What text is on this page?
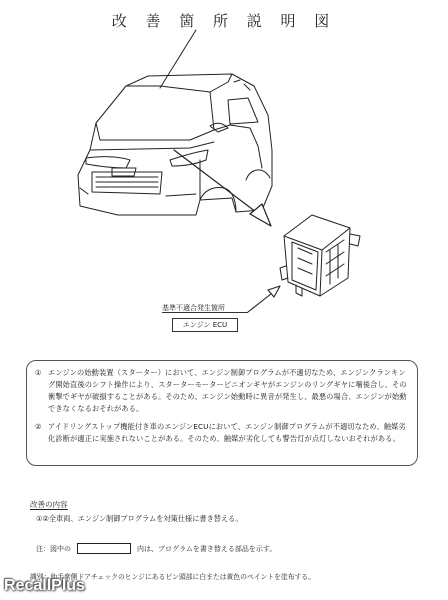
改 善 箇 所 説 明 図
基準不適合発生箇所
エンジン ECU
① エンジンの始動装置（スターター）において、エンジン制御プログラムが不適切なため、エンジンクランキング開始直後のシフト操作により、スターターモーターピニオンギヤがエンジンのリングギヤに噛後合し、その衝撃でギヤが破損することがある。そのため、エンジン始動時に異音が発生し、最悪の場合、エンジンが始動できなくなるおそれがある。
② アイドリングストップ機能付き車のエンジンECUにおいて、エンジン制御プログラムが不適切なため、触媒劣化診断が適正に実施されないことがある。そのため、触媒が劣化しても警告灯が点灯しないおそれがある。
改善の内容
①②全車両、エンジン制御プログラムを対策仕様に書き替える。
注：図中の	内は、プログラムを書き替える部品を示す。
識別：助手席側ドアチェックのヒンジにあるピン頭部に白または黄色のペイントを塗布する。
RecallPlus
